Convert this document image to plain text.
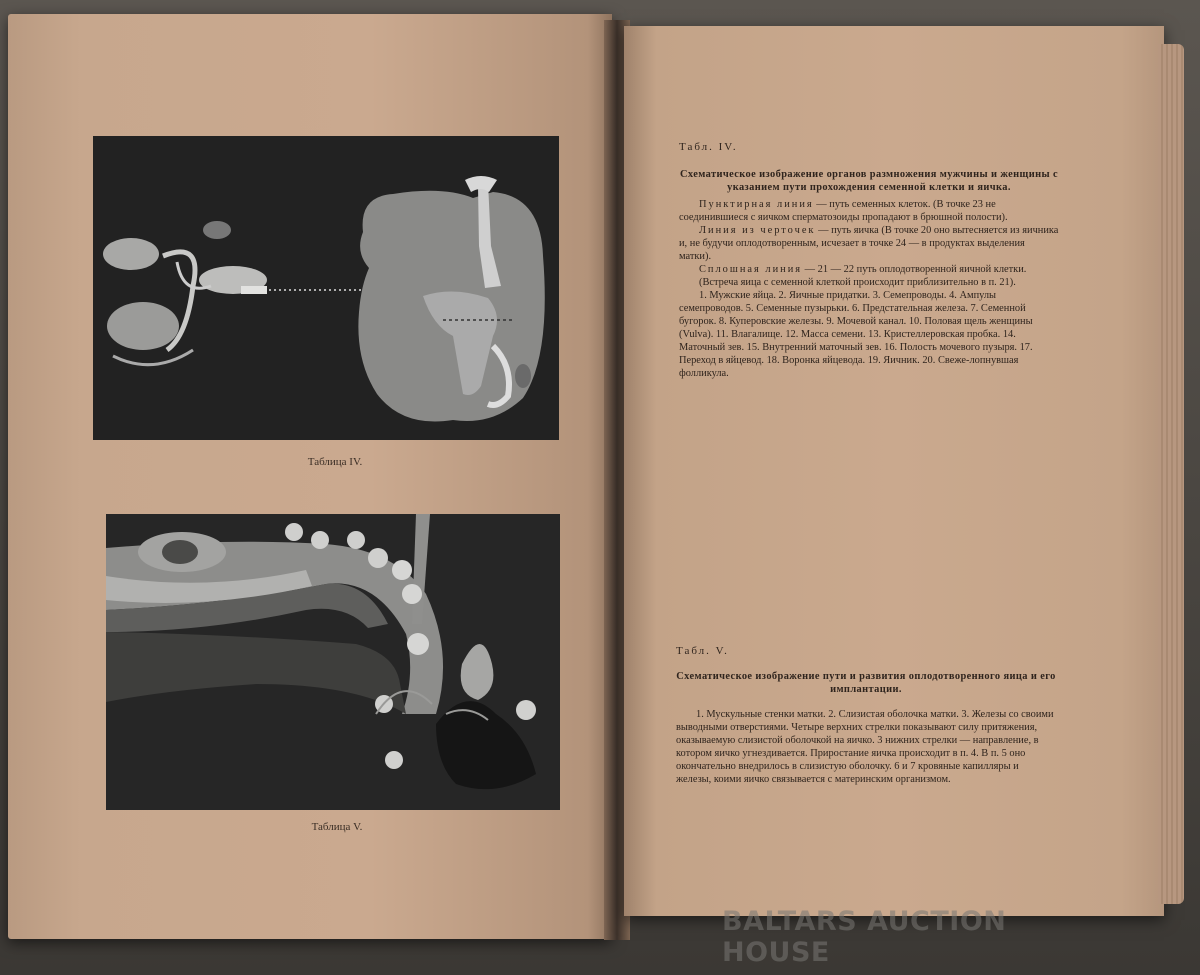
Таблица IV.
Таблица V.
Табл. IV.
Схематическое изображение органов размножения мужчины и женщины с указанием пути прохождения семенной клетки и яичка.

Пунктирная линия — путь семенных клеток. (В точке 23 не соединившиеся с яичком сперматозоиды пропадают в брюшной полости).

Линия из черточек — путь яичка (В точке 20 оно вытесняется из яичника и, не будучи оплодотворенным, исчезает в точке 24 — в продуктах выделения матки).

Сплошная линия — 21 — 22 путь оплодотворенной яичной клетки.

(Встреча яица с семенной клеткой происходит приблизительно в п. 21).

1. Мужские яйца. 2. Яичные придатки. 3. Семепроводы. 4. Ампулы семепроводов. 5. Семенные пузырьки. 6. Предстательная железа. 7. Семенной бугорок. 8. Куперовские железы. 9. Мочевой канал. 10. Половая щель женщины (Vulva). 11. Влагалище. 12. Масса семени. 13. Кристеллеровская пробка. 14. Маточный зев. 15. Внутренний маточный зев. 16. Полость мочевого пузыря. 17. Переход в яйцевод. 18. Воронка яйцевода. 19. Яичник. 20. Свеже-лопнувшая фолликула.

Табл. V.
Схематическое изображение пути и развития оплодотворенного яица и его имплантации.

1. Мускульные стенки матки. 2. Слизистая оболочка матки. 3. Железы со своими выводными отверстиями. Четыре верхних стрелки показывают силу притяжения, оказываемую слизистой оболочкой на яичко. 3 нижних стрелки — направление, в котором яичко угнездивается. Приростание яичка происходит в п. 4. В п. 5 оно окончательно внедрилось в слизистую оболочку. 6 и 7 кровяные капилляры и железы, коими яичко связывается с материнским организмом.

BALTARS AUCTION HOUSE
